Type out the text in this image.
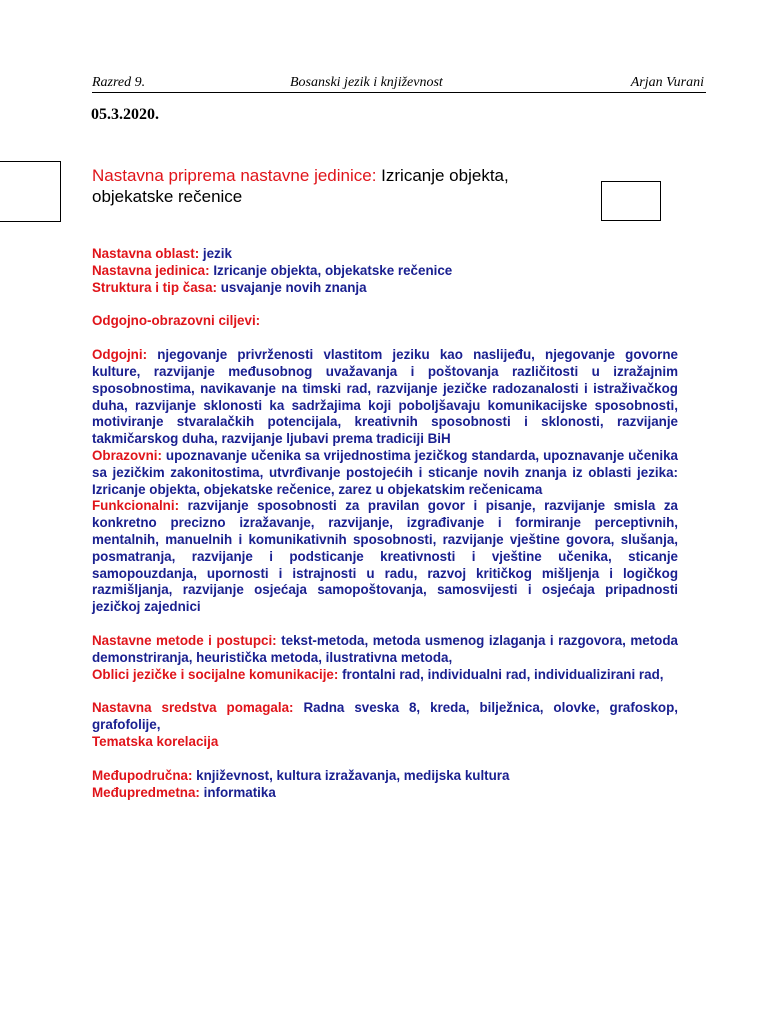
Razred 9.	Bosanski jezik i književnost	Arjan Vurani
05.3.2020.
Nastavna pripremа nastavne jedinice: Izricanje objekta, objekatske rečenice

Nastavna oblast: jezik

Nastavna jedinica: Izricanje objekta, objekatske rečenice

Struktura i tip časa: usvajanje novih znanja

Odgojno-obrazovni ciljevi:

Odgojni: njegovanje privrženosti vlastitom jeziku kao naslijeđu, njegovanje govorne kulture, razvijanje međusobnog uvažavanja i poštovanja različitosti u izražajnim sposobnostima, navikavanje na timski rad, razvijanje jezičke radozanalosti i istraživačkog duha, razvijanje sklonosti ka sadržajima koji poboljšavaju komunikacijske sposobnosti, motiviranje stvaralačkih potencijala, kreativnih sposobnosti i sklonosti, razvijanje takmičarskog duha, razvijanje ljubavi prema tradiciji BiH

Obrazovni: upoznavanje učenika sa vrijednostima jezičkog standarda, upoznavanje učenika sa jezičkim zakonitostima, utvrđivanje postojećih i sticanje novih znanja iz oblasti jezika: Izricanje objekta, objekatske rečenice, zarez u objekatskim rečenicama

Funkcionalni: razvijanje sposobnosti za pravilan govor i pisanje, razvijanje smisla za konkretno precizno izražavanje, razvijanje, izgrađivanje i formiranje perceptivnih, mentalnih, manuelnih i komunikativnih sposobnosti, razvijanje vještine govora, slušanja, posmatranja, razvijanje i podsticanje kreativnosti i vještine učenika, sticanje samopouzdanja, upornosti i istrajnosti u radu, razvoj kritičkog mišljenja i logičkog razmišljanja, razvijanje osjećaja samopoštovanja, samosvijesti i osjećaja pripadnosti jezičkoj zajednici

Nastavne metode i postupci: tekst-metoda, metoda usmenog izlaganja i razgovora, metoda demonstriranja, heuristička metoda, ilustrativna metoda,

Oblici jezičke i socijalne komunikacije: frontalni rad, individualni rad, individualizirani rad,

Nastavna sredstva pomagala: Radna sveska 8, kreda, bilježnica, olovke, grafoskop, grafofolije,

Tematska korelacija

Međupodručna: književnost, kultura izražavanja, medijska kultura

Međupredmetna: informatika
